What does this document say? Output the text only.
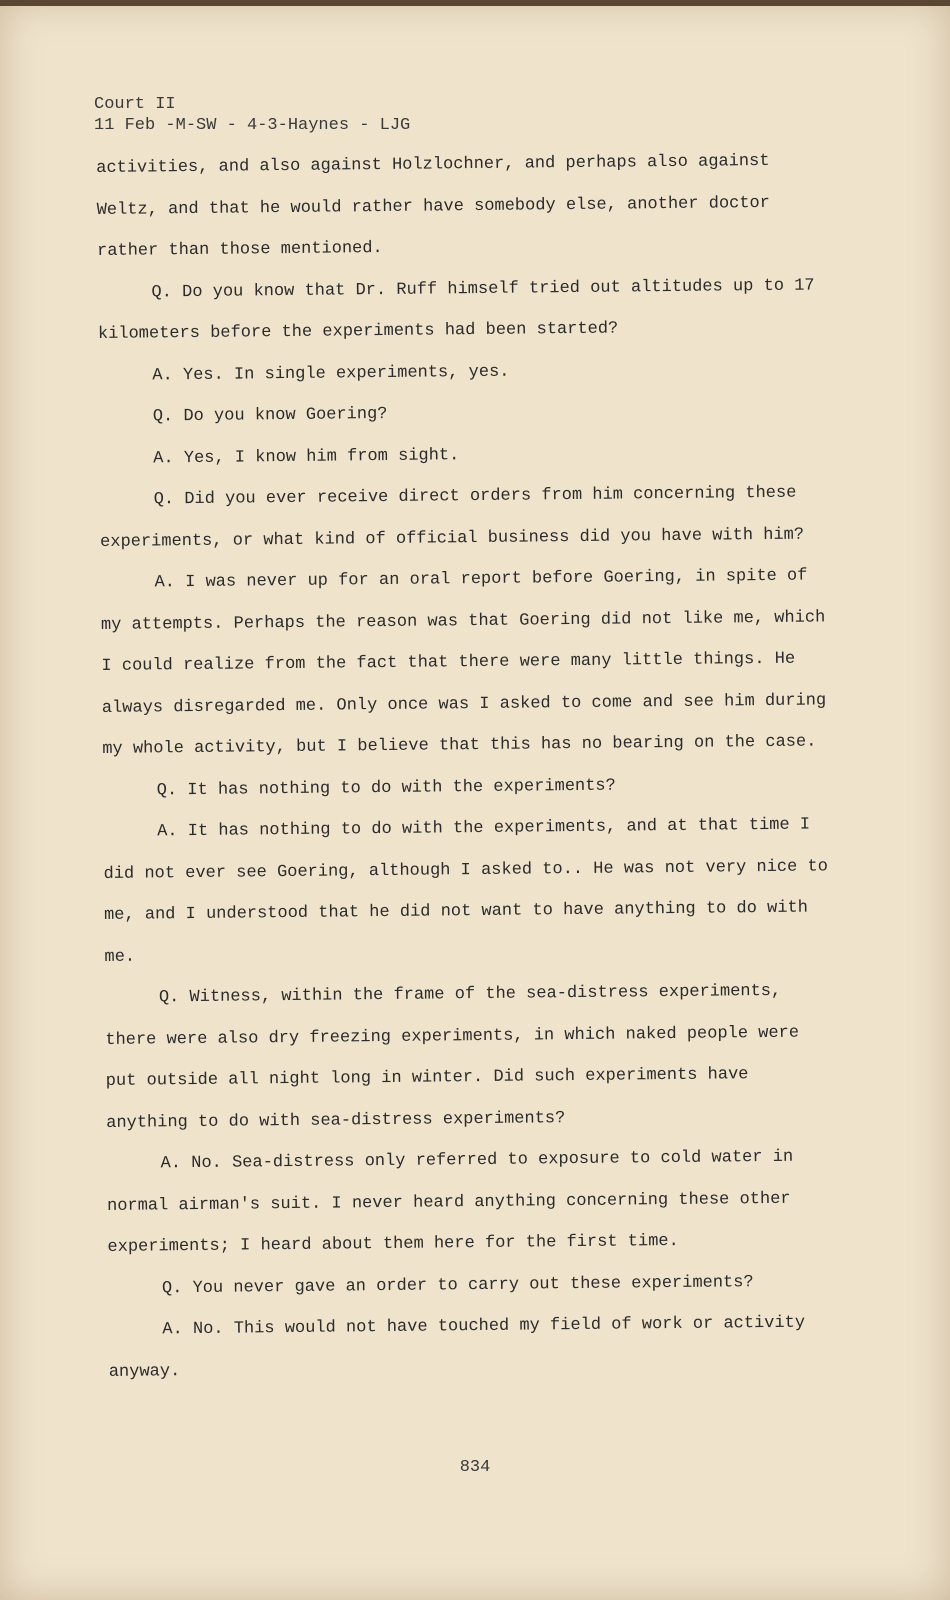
Court II
11 Feb -M-SW - 4-3-Haynes - LJG

activities, and also against Holzlochner, and perhaps also against Weltz, and that he would rather have somebody else, another doctor rather than those mentioned.

Q. Do you know that Dr. Ruff himself tried out altitudes up to 17 kilometers before the experiments had been started?

A. Yes. In single experiments, yes.

Q. Do you know Goering?

A. Yes, I know him from sight.

Q. Did you ever receive direct orders from him concerning these experiments, or what kind of official business did you have with him?

A. I was never up for an oral report before Goering, in spite of my attempts. Perhaps the reason was that Goering did not like me, which I could realize from the fact that there were many little things. He always disregarded me. Only once was I asked to come and see him during my whole activity, but I believe that this has no bearing on the case.

Q. It has nothing to do with the experiments?

A. It has nothing to do with the experiments, and at that time I did not ever see Goering, although I asked to.. He was not very nice to me, and I understood that he did not want to have anything to do with me.

Q. Witness, within the frame of the sea-distress experiments, there were also dry freezing experiments, in which naked people were put outside all night long in winter. Did such experiments have anything to do with sea-distress experiments?

A. No. Sea-distress only referred to exposure to cold water in normal airman's suit. I never heard anything concerning these other experiments; I heard about them here for the first time.

Q. You never gave an order to carry out these experiments?

A. No. This would not have touched my field of work or activity anyway.

834
